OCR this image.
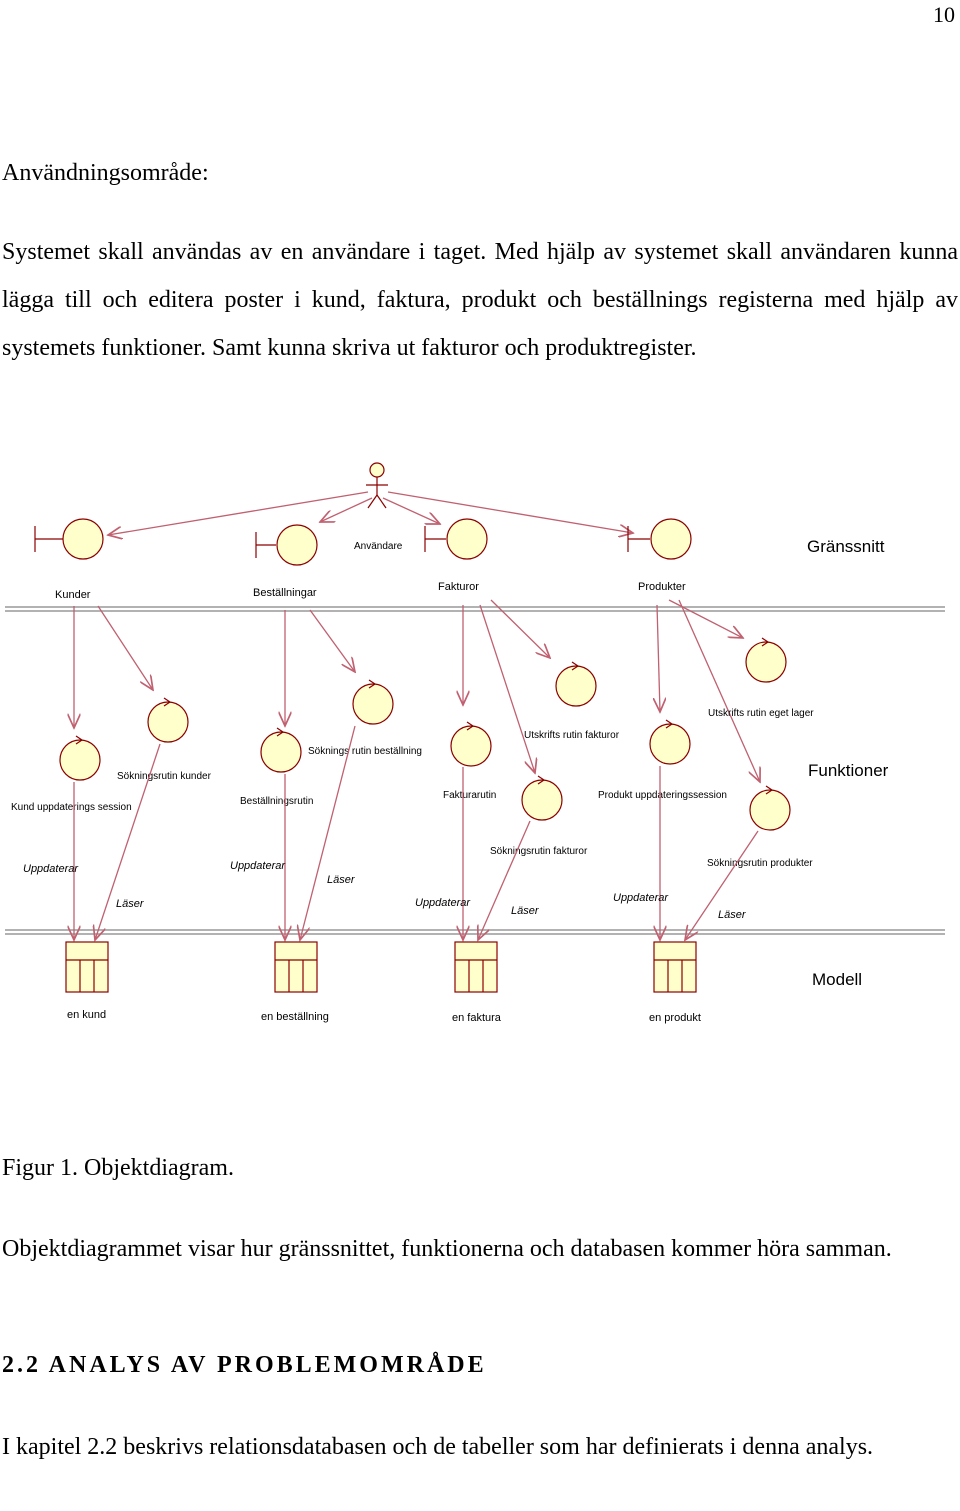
10
Användningsområde:
Systemet skall användas av en användare i taget. Med hjälp av systemet skall användaren kunna lägga till och editera poster i kund, faktura, produkt och beställnings registerna med hjälp av systemets funktioner. Samt kunna skriva ut fakturor och produktregister.
Gränssnitt
Funktioner
Modell
Användare
Kunder	Beställningar	Fakturor	Produkter
Kund uppdaterings session
Sökningsrutin kunder
Beställningsrutin
Söknings rutin beställning
Fakturarutin
Utskrifts rutin fakturor
Sökningsrutin fakturor
Produkt uppdateringssession
Utskrifts rutin eget lager
Sökningsrutin produkter
Uppdaterar
Läser
Uppdaterar
Läser
Uppdaterar
Läser
Uppdaterar
Läser
en kund	en beställning	en faktura	en produkt
Figur 1. Objektdiagram.
Objektdiagrammet visar hur gränssnittet, funktionerna och databasen kommer höra samman.
2.2 ANALYS AV PROBLEMOMRÅDE
I kapitel 2.2 beskrivs relationsdatabasen och de tabeller som har definierats i denna analys.
